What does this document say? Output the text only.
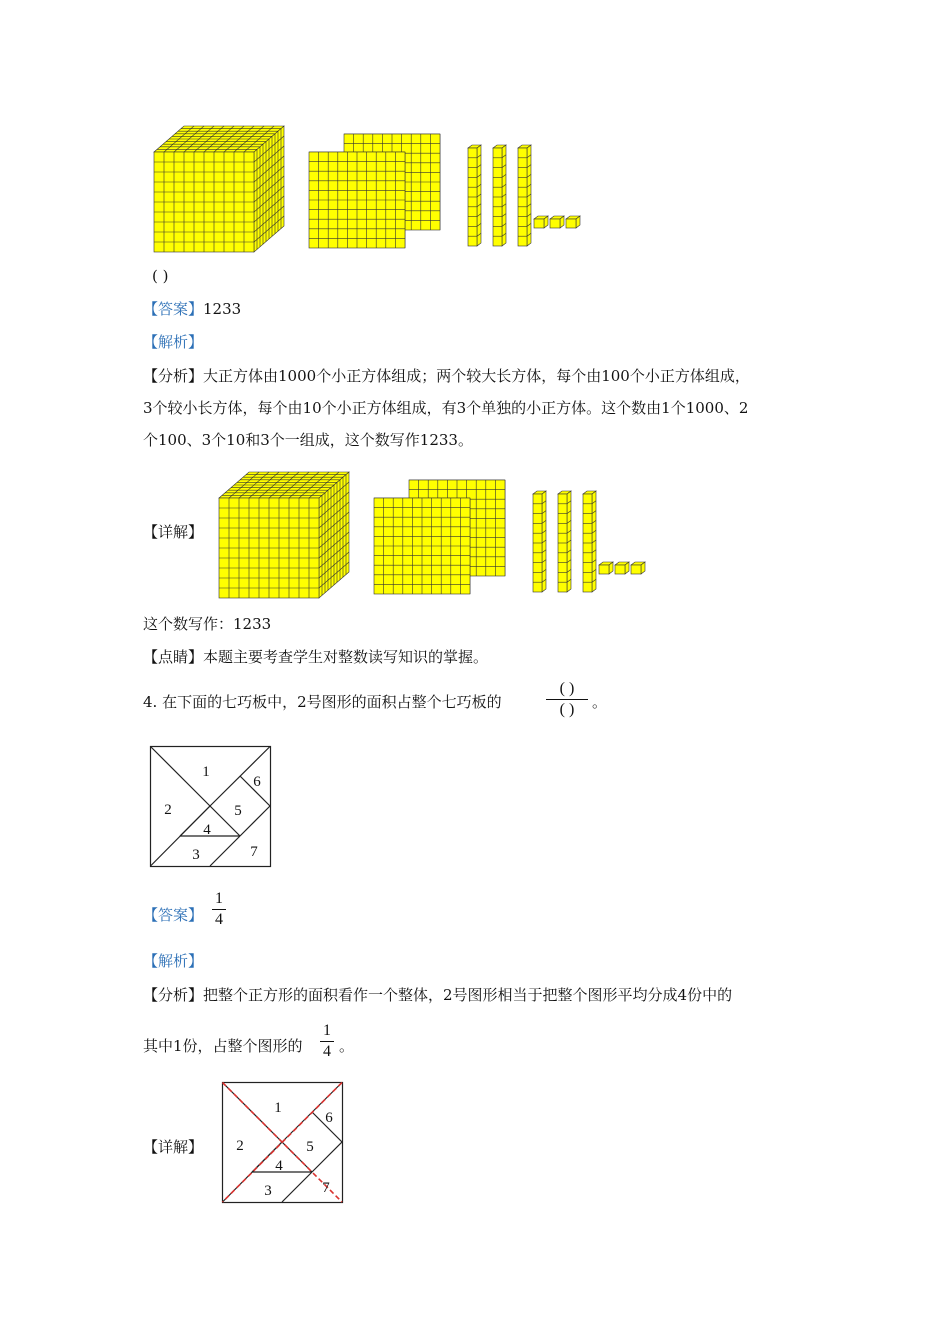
( )
【答案】1233
【解析】
【分析】大正方体由1000个小正方体组成；两个较大长方体，每个由100个小正方体组成，
3个较小长方体，每个由10个小正方体组成，有3个单独的小正方体。这个数由1个1000、2
个100、3个10和3个一组成，这个数写作1233。
【详解】
这个数写作：1233
【点睛】本题主要考查学生对整数读写知识的掌握。
4. 在下面的七巧板中，2号图形的面积占整个七巧板的
( )
( )	。
1
2
3
4
5
6
7
【答案】
1
4
【解析】
【分析】把整个正方形的面积看作一个整体，2号图形相当于把整个图形平均分成4份中的
其中1份，占整个图形的
1
4 。
【详解】
1
2
3
4
5
6
7
